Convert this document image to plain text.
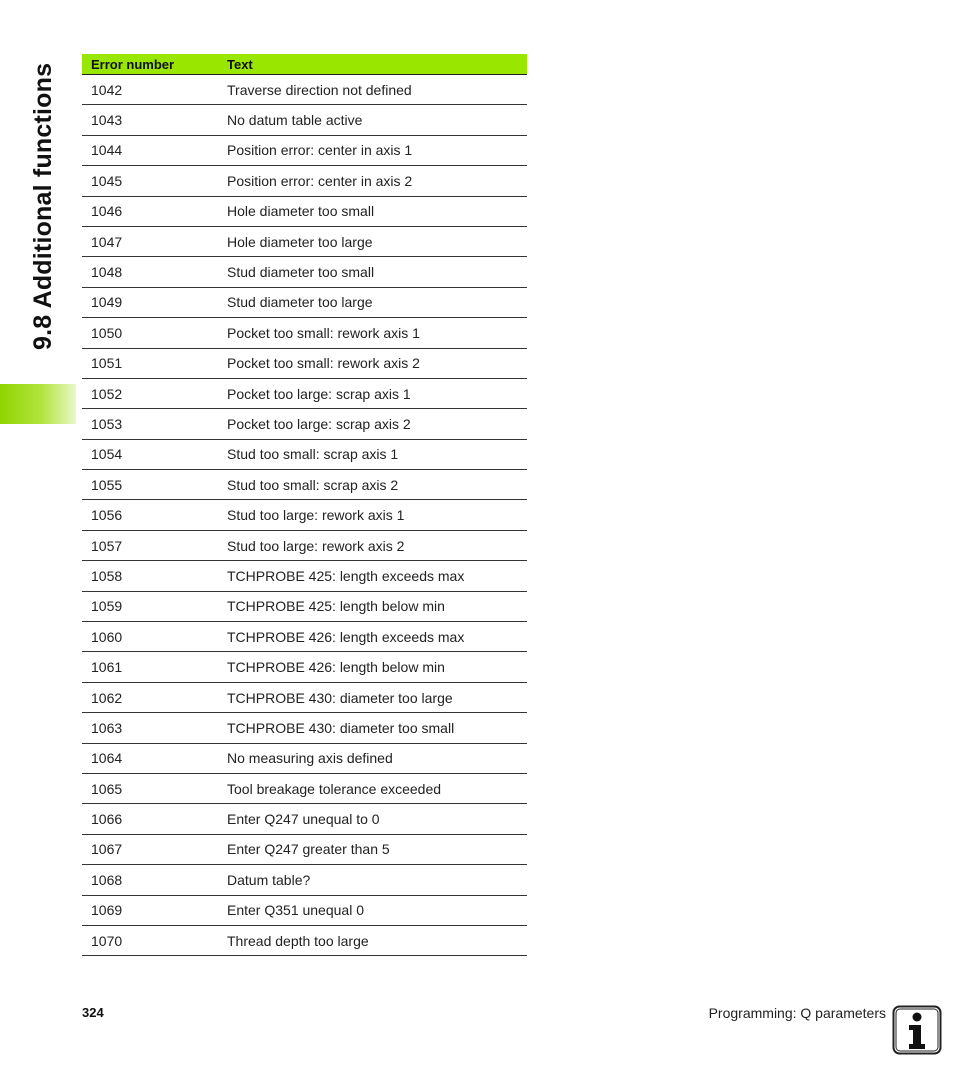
9.8 Additional functions	Error number	Text
1042	Traverse direction not defined
1043	No datum table active
1044	Position error: center in axis 1
1045	Position error: center in axis 2
1046	Hole diameter too small
1047	Hole diameter too large
1048	Stud diameter too small
1049	Stud diameter too large
1050	Pocket too small: rework axis 1
1051	Pocket too small: rework axis 2
1052	Pocket too large: scrap axis 1
1053	Pocket too large: scrap axis 2
1054	Stud too small: scrap axis 1
1055	Stud too small: scrap axis 2
1056	Stud too large: rework axis 1
1057	Stud too large: rework axis 2
1058	TCHPROBE 425: length exceeds max
1059	TCHPROBE 425: length below min
1060	TCHPROBE 426: length exceeds max
1061	TCHPROBE 426: length below min
1062	TCHPROBE 430: diameter too large
1063	TCHPROBE 430: diameter too small
1064	No measuring axis defined
1065	Tool breakage tolerance exceeded
1066	Enter Q247 unequal to 0
1067	Enter Q247 greater than 5
1068	Datum table?
1069	Enter Q351 unequal 0
1070	Thread depth too large
324	Programming: Q parameters
